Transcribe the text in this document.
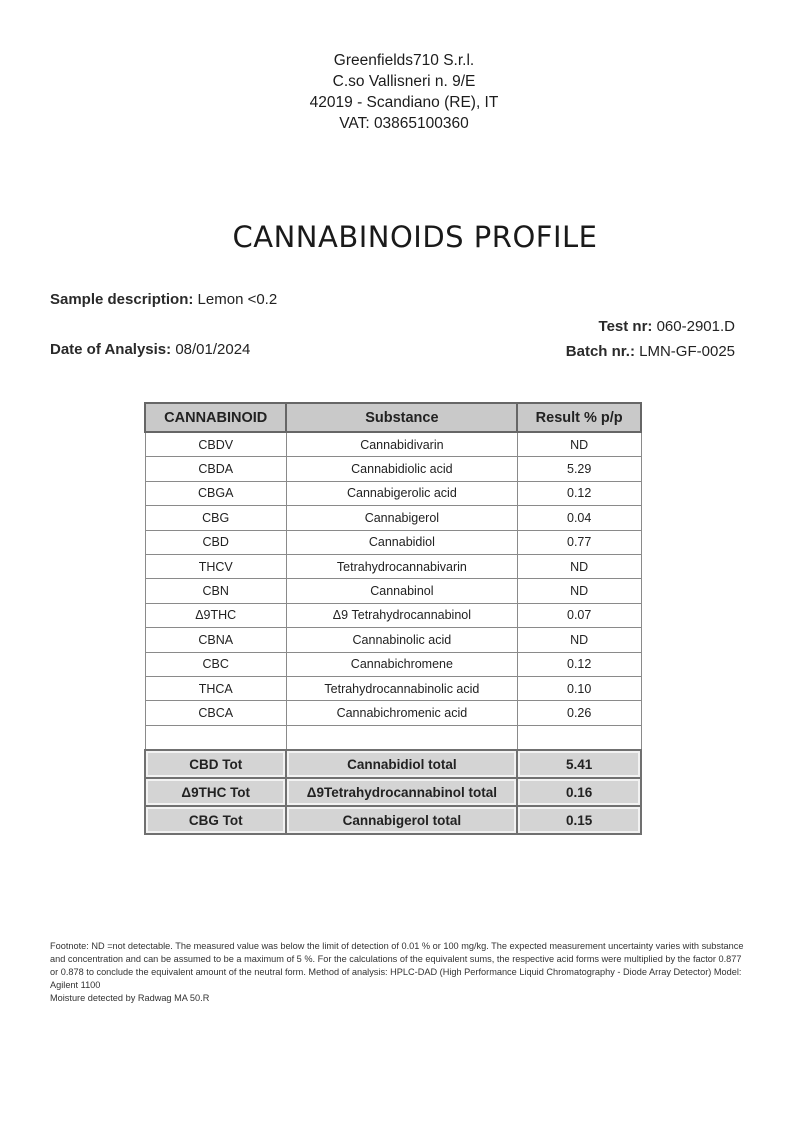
Greenfields710 S.r.l.
C.so Vallisneri n. 9/E
42019 - Scandiano (RE), IT
VAT: 03865100360
CANNABINOIDS PROFILE
Sample description: Lemon <0.2
Test nr: 060-2901.D
Date of Analysis: 08/01/2024	Batch nr.: LMN-GF-0025
CANNABINOID	Substance	Result % p/p
CBDV	Cannabidivarin	ND
CBDA	Cannabidiolic acid	5.29
CBGA	Cannabigerolic acid	0.12
CBG	Cannabigerol	0.04
CBD	Cannabidiol	0.77
THCV	Tetrahydrocannabivarin	ND
CBN	Cannabinol	ND
Δ9THC	Δ9 Tetrahydrocannabinol	0.07
CBNA	Cannabinolic acid	ND
CBC	Cannabichromene	0.12
THCA	Tetrahydrocannabinolic acid	0.10
CBCA	Cannabichromenic acid	0.26

CBD Tot	Cannabidiol total	5.41
Δ9THC Tot	Δ9Tetrahydrocannabinol total	0.16
CBG Tot	Cannabigerol total	0.15
Footnote: ND =not detectable. The measured value was below the limit of detection of 0.01 % or 100 mg/kg. The expected measurement uncertainty varies with substance and concentration and can be assumed to be a maximum of 5 %. For the calculations of the equivalent sums, the respective acid forms were multiplied by the factor 0.877 or 0.878 to conclude the equivalent amount of the neutral form. Method of analysis: HPLC-DAD (High Performance Liquid Chromatography - Diode Array Detector) Model: Agilent 1100
Moisture detected by Radwag MA 50.R
